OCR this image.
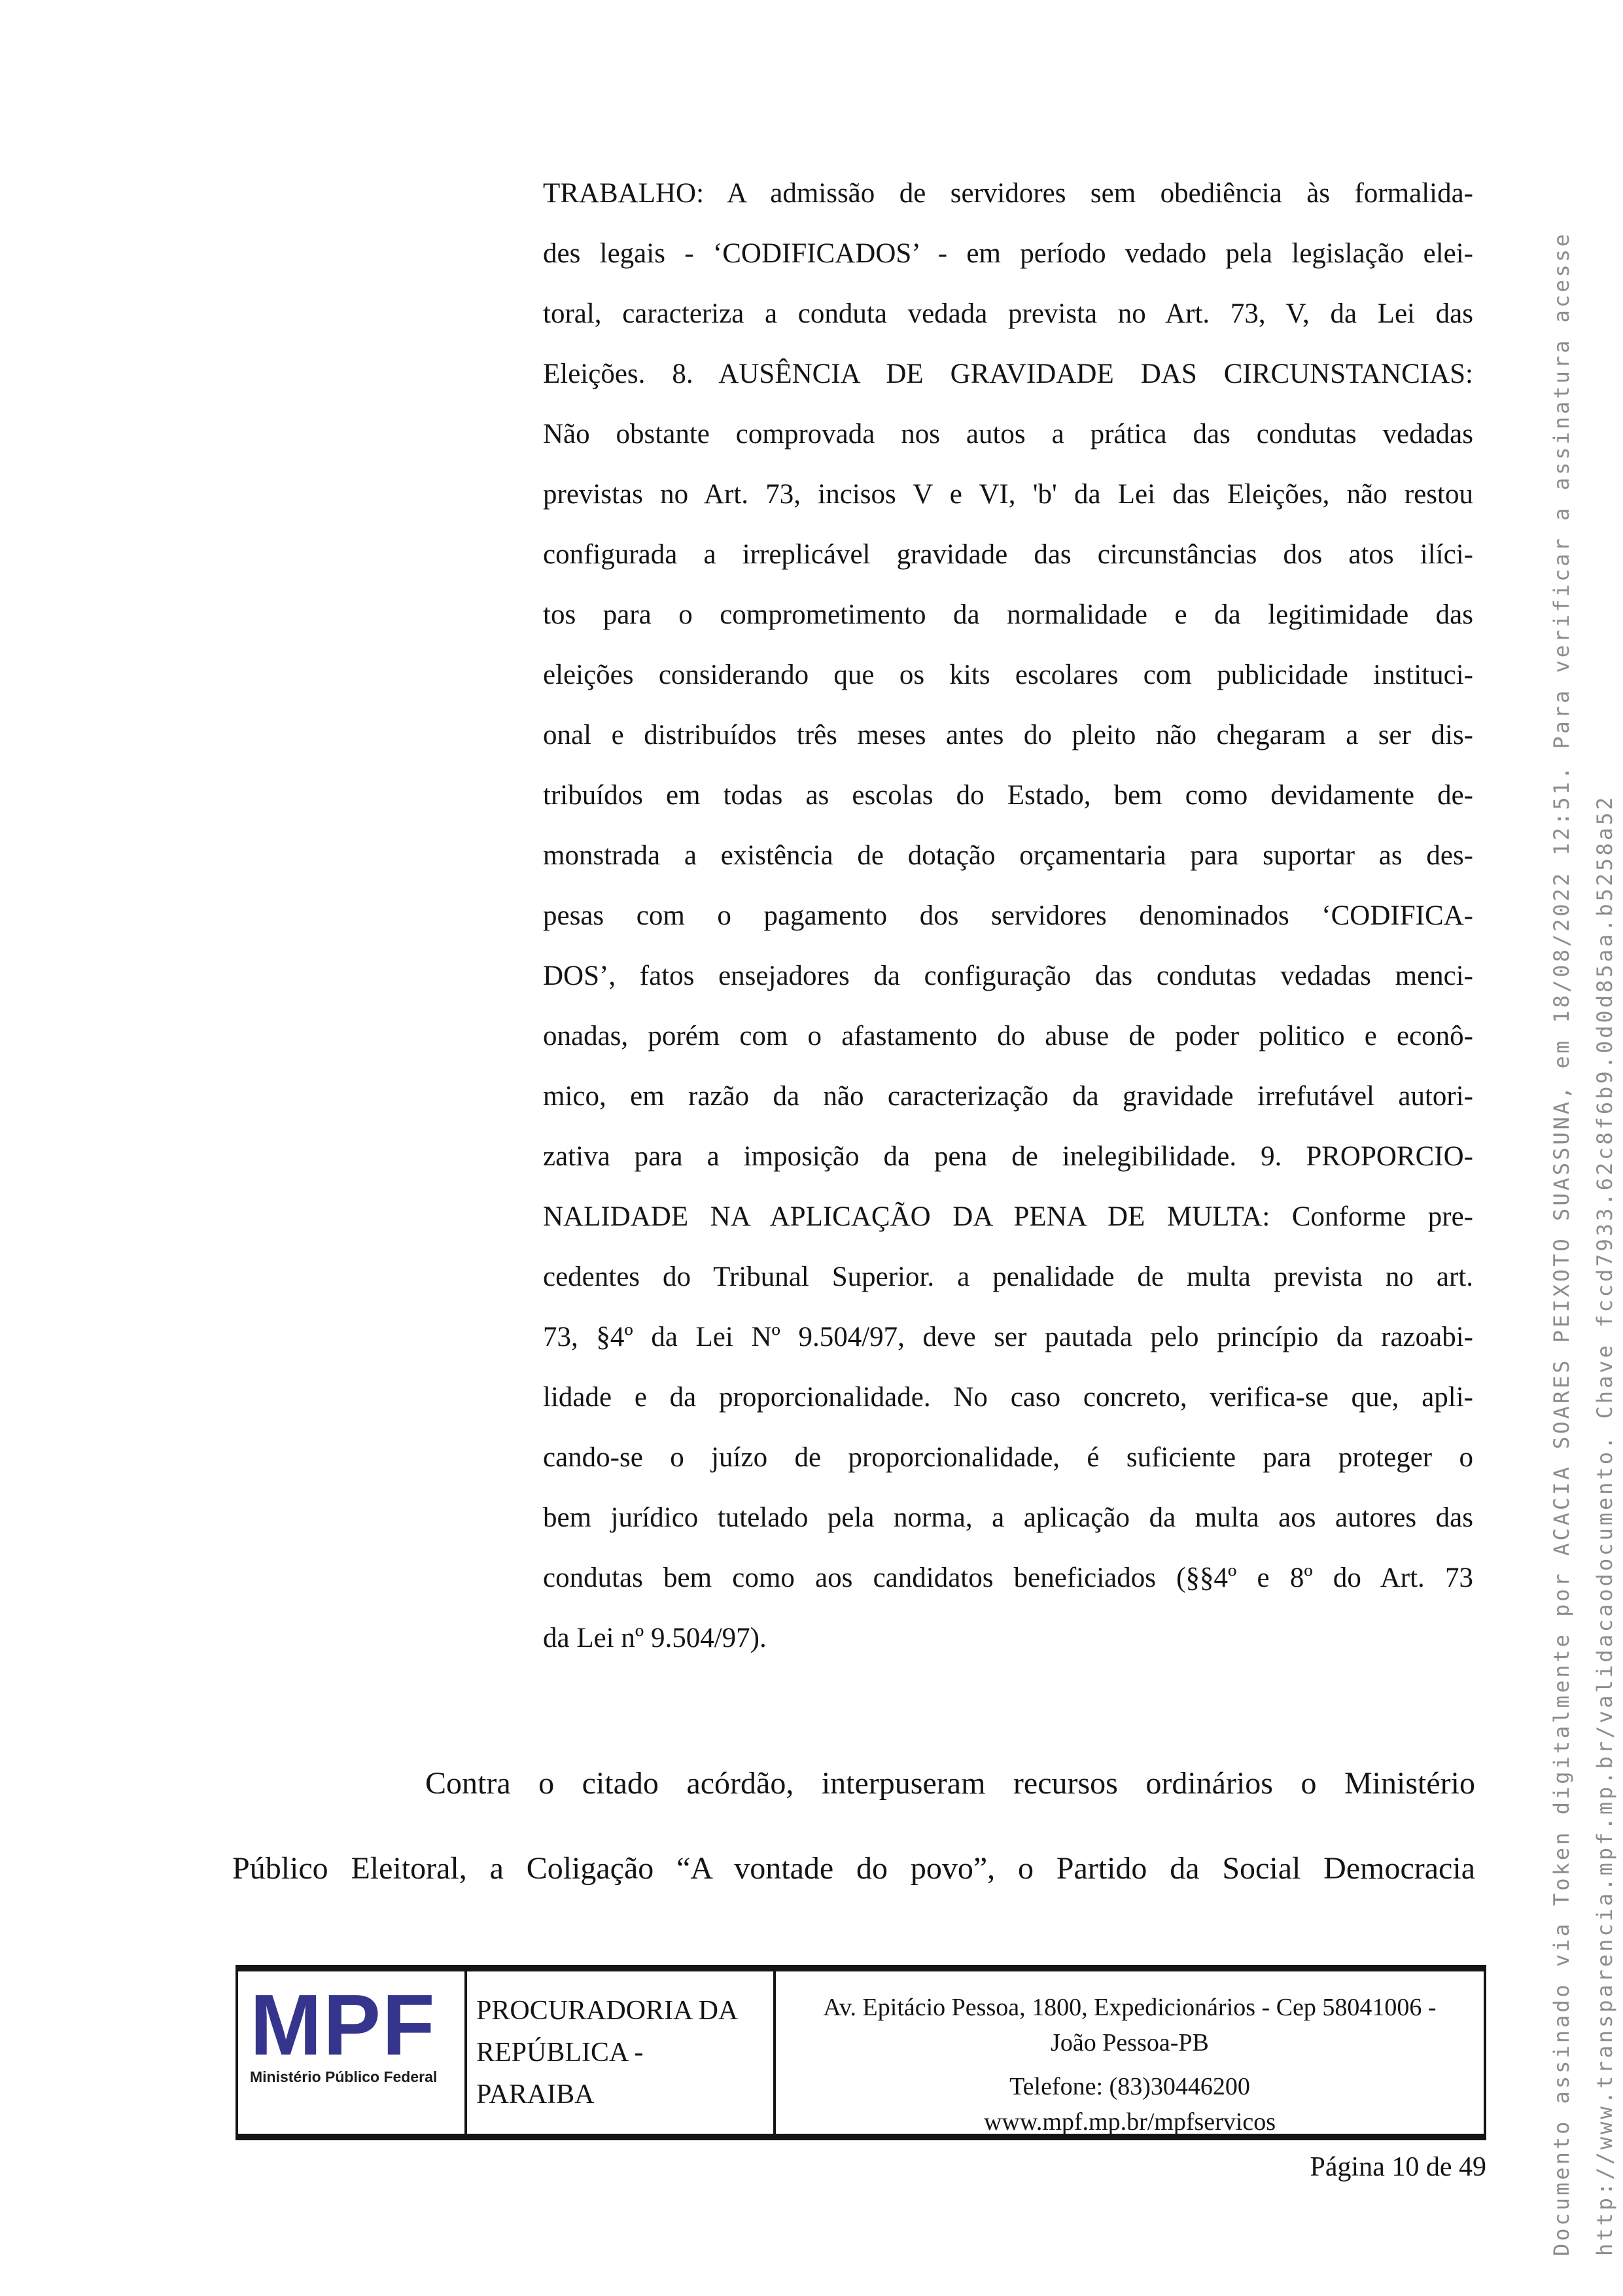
TRABALHO: A admissão de servidores sem obediência às formalida-
des legais - ‘CODIFICADOS’ - em período vedado pela legislação elei-
toral, caracteriza a conduta vedada prevista no Art. 73, V, da Lei das
Eleições. 8. AUSÊNCIA DE GRAVIDADE DAS CIRCUNSTANCIAS:
Não obstante comprovada nos autos a prática das condutas vedadas
previstas no Art. 73, incisos V e VI, 'b' da Lei das Eleições, não restou
configurada a irreplicável gravidade das circunstâncias dos atos ilíci-
tos para o comprometimento da normalidade e da legitimidade das
eleições considerando que os kits escolares com publicidade instituci-
onal e distribuídos três meses antes do pleito não chegaram a ser dis-
tribuídos em todas as escolas do Estado, bem como devidamente de-
monstrada a existência de dotação orçamentaria para suportar as des-
pesas com o pagamento dos servidores denominados ‘CODIFICA-
DOS’, fatos ensejadores da configuração das condutas vedadas menci-
onadas, porém com o afastamento do abuse de poder politico e econô-
mico, em razão da não caracterização da gravidade irrefutável autori-
zativa para a imposição da pena de inelegibilidade. 9. PROPORCIO-
NALIDADE NA APLICAÇÃO DA PENA DE MULTA: Conforme pre-
cedentes do Tribunal Superior. a penalidade de multa prevista no art.
73, §4º da Lei Nº 9.504/97, deve ser pautada pelo princípio da razoabi-
lidade e da proporcionalidade. No caso concreto, verifica-se que, apli-
cando-se o juízo de proporcionalidade, é suficiente para proteger o
bem jurídico tutelado pela norma, a aplicação da multa aos autores das
condutas bem como aos candidatos beneficiados (§§4º e 8º do Art. 73
da Lei nº 9.504/97).
Contra o citado acórdão, interpuseram recursos ordinários o Ministério
Público Eleitoral, a Coligação “A vontade do povo”, o Partido da Social Democracia
MPF
Ministério Público Federal
PROCURADORIA DA REPÚBLICA - PARAIBA
Av. Epitácio Pessoa, 1800, Expedicionários - Cep 58041006 - João Pessoa-PB
Telefone: (83)30446200
www.mpf.mp.br/mpfservicos
Página 10 de 49	Documento assinado via Token digitalmente por ACACIA SOARES PEIXOTO SUASSUNA, em 18/08/2022 12:51. Para verificar a assinatura acesse http://www.transparencia.mpf.mp.br/validacaodocumento. Chave fccd7933.62c8f6b9.0d0d85aa.b5258a52
